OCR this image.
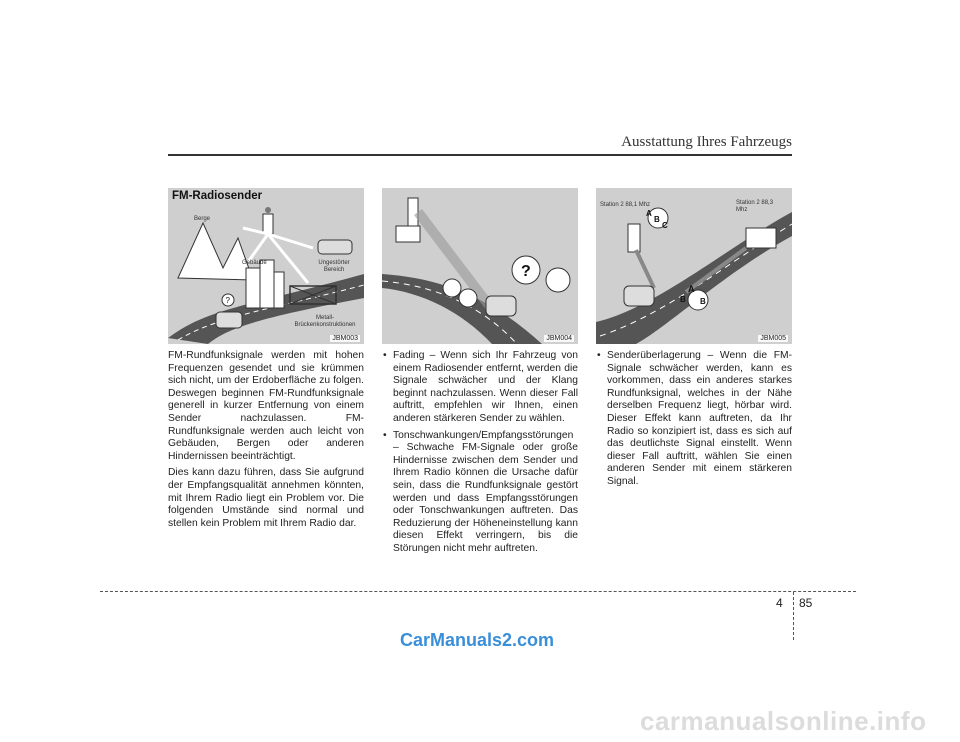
Ausstattung Ihres Fahrzeugs
?
FM-Radiosender
Berge
Gebäude	Ungestörter Bereich
Metall- Brückenkonstruktionen
JBM003
?
JBM004
A
B
C
A
B B
Station 2 88,1 Mhz	Station 2 88,3 Mhz
JBM005

FM-Rundfunksignale werden mit hohen Frequenzen gesendet und sie krümmen sich nicht, um der Erdoberfläche zu folgen. Deswegen beginnen FM-Rundfunksignale generell in kurzer Entfernung von einem Sender nachzulassen. FM-Rundfunksignale werden auch leicht von Gebäuden, Bergen oder anderen Hindernissen beeinträchtigt.

Dies kann dazu führen, dass Sie aufgrund der Empfangsqualität annehmen könnten, mit Ihrem Radio liegt ein Problem vor. Die folgenden Umstände sind normal und stellen kein Problem mit Ihrem Radio dar.

• Fading – Wenn sich Ihr Fahrzeug von einem Radiosender entfernt, werden die Signale schwächer und der Klang beginnt nachzulassen. Wenn dieser Fall auftritt, empfehlen wir Ihnen, einen anderen stärkeren Sender zu wählen.
• Tonschwankungen/Empfangsstörungen – Schwache FM-Signale oder große Hindernisse zwischen dem Sender und Ihrem Radio können die Ursache dafür sein, dass die Rundfunksignale gestört werden und dass Empfangsstörungen oder Tonschwankungen auftreten. Das Reduzierung der Höheneinstellung kann diesen Effekt verringern, bis die Störungen nicht mehr auftreten.
• Senderüberlagerung – Wenn die FM-Signale schwächer werden, kann es vorkommen, dass ein anderes starkes Rundfunksignal, welches in der Nähe derselben Frequenz liegt, hörbar wird. Dieser Effekt kann auftreten, da Ihr Radio so konzipiert ist, dass es sich auf das deutlichste Signal einstellt. Wenn dieser Fall auftritt, wählen Sie einen anderen Sender mit einem stärkeren Signal.
4 85
CarManuals2.com
carmanualsonline.info
